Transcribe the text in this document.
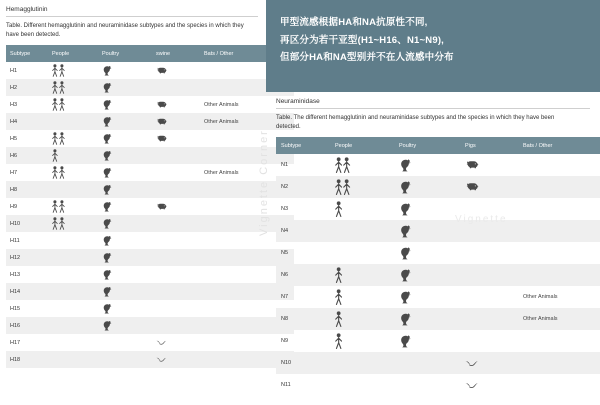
Hemagglutinin
Table. Different hemagglutinin and neuraminidase subtypes and the species in which they have been detected.
Subtype	People	Poultry	swine	Bats / Other
H1	

H2	

H3				Other Animals
H4				Other Animals
H5	

H6	

H7				Other Animals
H8		

H9	

H10	

H11		

H12		

H13		

H14		

H15		

H16		

H17			

H18			

甲型流感根据HA和NA抗原性不同,
再区分为若干亚型(H1~H16、N1~N9),
但部分HA和NA型别并不在人流感中分布
Neuraminidase
Table. The different hemagglutinin and neuraminidase subtypes and the species in which they have been detected.
Subtype	People	Poultry	Pigs	Bats / Other
N1	

N2	

N3	

N4		

N5		

N6	

N7				Other Animals
N8				Other Animals
N9	

N10			

N11			

Vignette Corner	Vignette
